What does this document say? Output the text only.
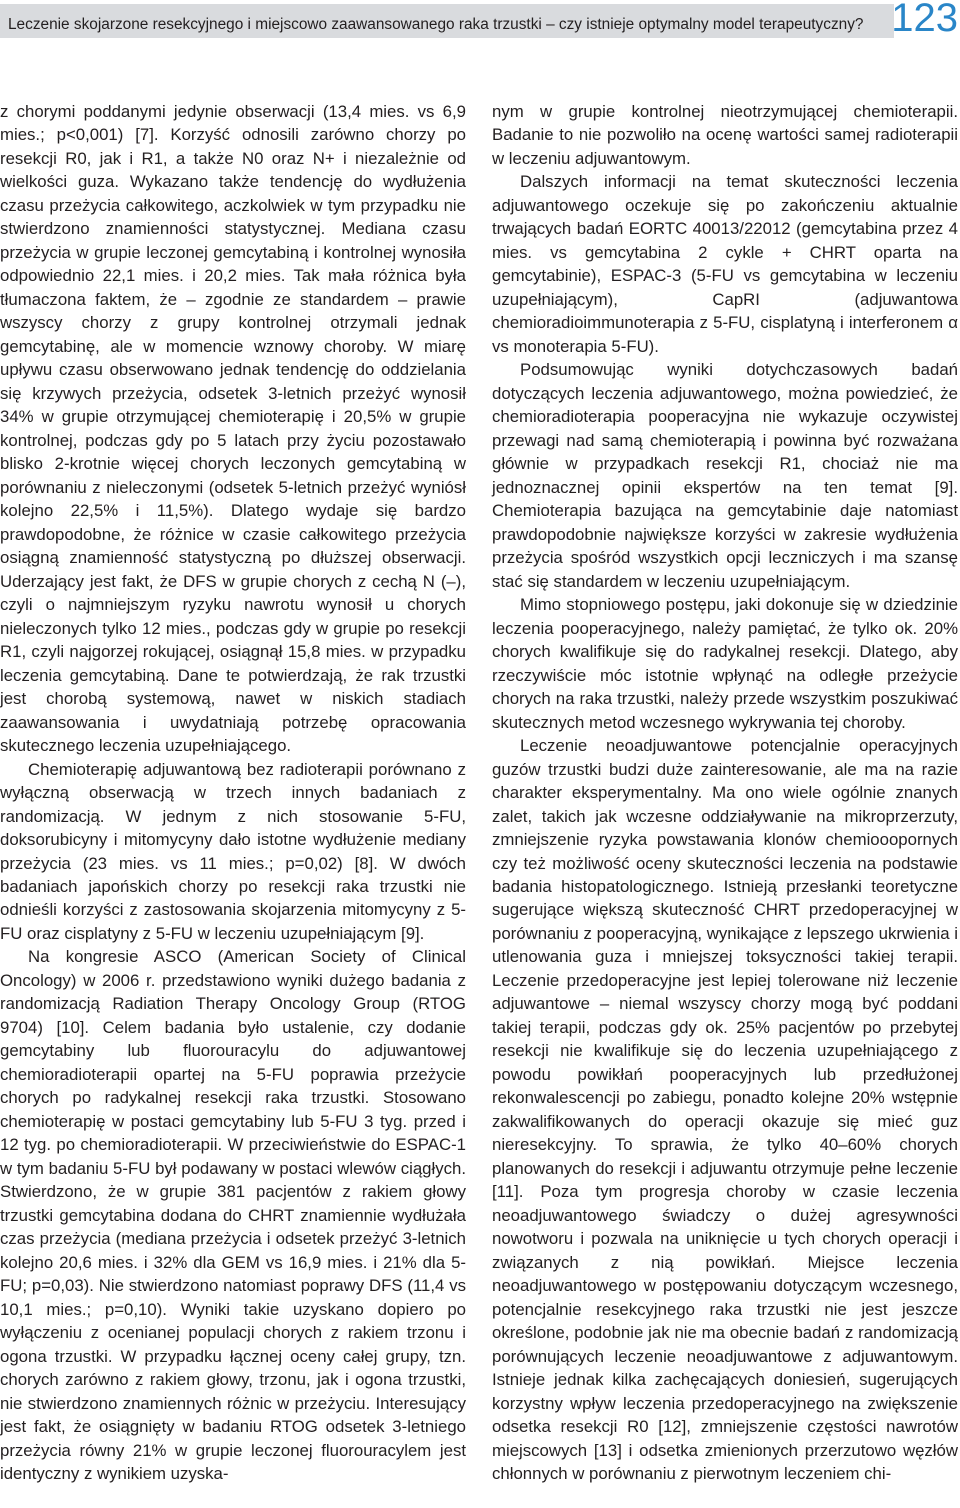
Leczenie skojarzone resekcyjnego i miejscowo zaawansowanego raka trzustki – czy istnieje optymalny model terapeutyczny? 123

z chorymi poddanymi jedynie obserwacji (13,4 mies. vs 6,9 mies.; p<0,001) [7]. Korzyść odnosili zarówno chorzy po resekcji R0, jak i R1, a także N0 oraz N+ i niezależnie od wielkości guza. Wykazano także tendencję do wydłużenia czasu przeżycia całkowitego, aczkolwiek w tym przypadku nie stwierdzono znamienności statystycznej. Mediana czasu przeżycia w grupie leczonej gemcytabiną i kontrolnej wynosiła odpowiednio 22,1 mies. i 20,2 mies. Tak mała różnica była tłumaczona faktem, że – zgodnie ze standardem – prawie wszyscy chorzy z grupy kontrolnej otrzymali jednak gemcytabinę, ale w momencie wznowy choroby. W miarę upływu czasu obserwowano jednak tendencję do oddzielania się krzywych przeżycia, odsetek 3-letnich przeżyć wynosił 34% w grupie otrzymującej chemioterapię i 20,5% w grupie kontrolnej, podczas gdy po 5 latach przy życiu pozostawało blisko 2-krotnie więcej chorych leczonych gemcytabiną w porównaniu z nieleczonymi (odsetek 5-letnich przeżyć wyniósł kolejno 22,5% i 11,5%). Dlatego wydaje się bardzo prawdopodobne, że różnice w czasie całkowitego przeżycia osiągną znamienność statystyczną po dłuższej obserwacji. Uderzający jest fakt, że DFS w grupie chorych z cechą N (–), czyli o najmniejszym ryzyku nawrotu wynosił u chorych nieleczonych tylko 12 mies., podczas gdy w grupie po resekcji R1, czyli najgorzej rokującej, osiągnął 15,8 mies. w przypadku leczenia gemcytabiną. Dane te potwierdzają, że rak trzustki jest chorobą systemową, nawet w niskich stadiach zaawansowania i uwydatniają potrzebę opracowania skutecznego leczenia uzupełniającego.

Chemioterapię adjuwantową bez radioterapii porównano z wyłączną obserwacją w trzech innych badaniach z randomizacją. W jednym z nich stosowanie 5-FU, doksorubicyny i mitomycyny dało istotne wydłużenie mediany przeżycia (23 mies. vs 11 mies.; p=0,02) [8]. W dwóch badaniach japońskich chorzy po resekcji raka trzustki nie odnieśli korzyści z zastosowania skojarzenia mitomycyny z 5-FU oraz cisplatyny z 5-FU w leczeniu uzupełniającym [9].

Na kongresie ASCO (American Society of Clinical Oncology) w 2006 r. przedstawiono wyniki dużego badania z randomizacją Radiation Therapy Oncology Group (RTOG 9704) [10]. Celem badania było ustalenie, czy dodanie gemcytabiny lub fluorouracylu do adjuwantowej chemioradioterapii opartej na 5-FU poprawia przeżycie chorych po radykalnej resekcji raka trzustki. Stosowano chemioterapię w postaci gemcytabiny lub 5-FU 3 tyg. przed i 12 tyg. po chemioradioterapii. W przeciwieństwie do ESPAC-1 w tym badaniu 5-FU był podawany w postaci wlewów ciągłych. Stwierdzono, że w grupie 381 pacjentów z rakiem głowy trzustki gemcytabina dodana do CHRT znamiennie wydłużała czas przeżycia (mediana przeżycia i odsetek przeżyć 3-letnich kolejno 20,6 mies. i 32% dla GEM vs 16,9 mies. i 21% dla 5-FU; p=0,03). Nie stwierdzono natomiast poprawy DFS (11,4 vs 10,1 mies.; p=0,10). Wyniki takie uzyskano dopiero po wyłączeniu z ocenianej populacji chorych z rakiem trzonu i ogona trzustki. W przypadku łącznej oceny całej grupy, tzn. chorych zarówno z rakiem głowy, trzonu, jak i ogona trzustki, nie stwierdzono znamiennych różnic w przeżyciu. Interesujący jest fakt, że osiągnięty w badaniu RTOG odsetek 3-letniego przeżycia równy 21% w grupie leczonej fluorouracylem jest identyczny z wynikiem uzyska-

nym w grupie kontrolnej nieotrzymującej chemioterapii. Badanie to nie pozwoliło na ocenę wartości samej radioterapii w leczeniu adjuwantowym.

Dalszych informacji na temat skuteczności leczenia adjuwantowego oczekuje się po zakończeniu aktualnie trwających badań EORTC 40013/22012 (gemcytabina przez 4 mies. vs gemcytabina 2 cykle + CHRT oparta na gemcytabinie), ESPAC-3 (5-FU vs gemcytabina w leczeniu uzupełniającym), CapRI (adjuwantowa chemioradioimmunoterapia z 5-FU, cisplatyną i interferonem α vs monoterapia 5-FU).

Podsumowując wyniki dotychczasowych badań dotyczących leczenia adjuwantowego, można powiedzieć, że chemioradioterapia pooperacyjna nie wykazuje oczywistej przewagi nad samą chemioterapią i powinna być rozważana głównie w przypadkach resekcji R1, chociaż nie ma jednoznacznej opinii ekspertów na ten temat [9]. Chemioterapia bazująca na gemcytabinie daje natomiast prawdopodobnie największe korzyści w zakresie wydłużenia przeżycia spośród wszystkich opcji leczniczych i ma szansę stać się standardem w leczeniu uzupełniającym.

Mimo stopniowego postępu, jaki dokonuje się w dziedzinie leczenia pooperacyjnego, należy pamiętać, że tylko ok. 20% chorych kwalifikuje się do radykalnej resekcji. Dlatego, aby rzeczywiście móc istotnie wpłynąć na odległe przeżycie chorych na raka trzustki, należy przede wszystkim poszukiwać skutecznych metod wczesnego wykrywania tej choroby.

Leczenie neoadjuwantowe potencjalnie operacyjnych guzów trzustki budzi duże zainteresowanie, ale ma na razie charakter eksperymentalny. Ma ono wiele ogólnie znanych zalet, takich jak wczesne oddziaływanie na mikroprzerzuty, zmniejszenie ryzyka powstawania klonów chemiooopornych czy też możliwość oceny skuteczności leczenia na podstawie badania histopatologicznego. Istnieją przesłanki teoretyczne sugerujące większą skuteczność CHRT przedoperacyjnej w porównaniu z pooperacyjną, wynikające z lepszego ukrwienia i utlenowania guza i mniejszej toksyczności takiej terapii. Leczenie przedoperacyjne jest lepiej tolerowane niż leczenie adjuwantowe – niemal wszyscy chorzy mogą być poddani takiej terapii, podczas gdy ok. 25% pacjentów po przebytej resekcji nie kwalifikuje się do leczenia uzupełniającego z powodu powikłań pooperacyjnych lub przedłużonej rekonwalescencji po zabiegu, ponadto kolejne 20% wstępnie zakwalifikowanych do operacji okazuje się mieć guz nieresekcyjny. To sprawia, że tylko 40–60% chorych planowanych do resekcji i adjuwantu otrzymuje pełne leczenie [11]. Poza tym progresja choroby w czasie leczenia neoadjuwantowego świadczy o dużej agresywności nowotworu i pozwala na uniknięcie u tych chorych operacji i związanych z nią powikłań. Miejsce leczenia neoadjuwantowego w postępowaniu dotyczącym wczesnego, potencjalnie resekcyjnego raka trzustki nie jest jeszcze określone, podobnie jak nie ma obecnie badań z randomizacją porównujących leczenie neoadjuwantowe z adjuwantowym. Istnieje jednak kilka zachęcających doniesień, sugerujących korzystny wpływ leczenia przedoperacyjnego na zwiększenie odsetka resekcji R0 [12], zmniejszenie częstości nawrotów miejscowych [13] i odsetka zmienionych przerzutowo węzłów chłonnych w porównaniu z pierwotnym leczeniem chi-
